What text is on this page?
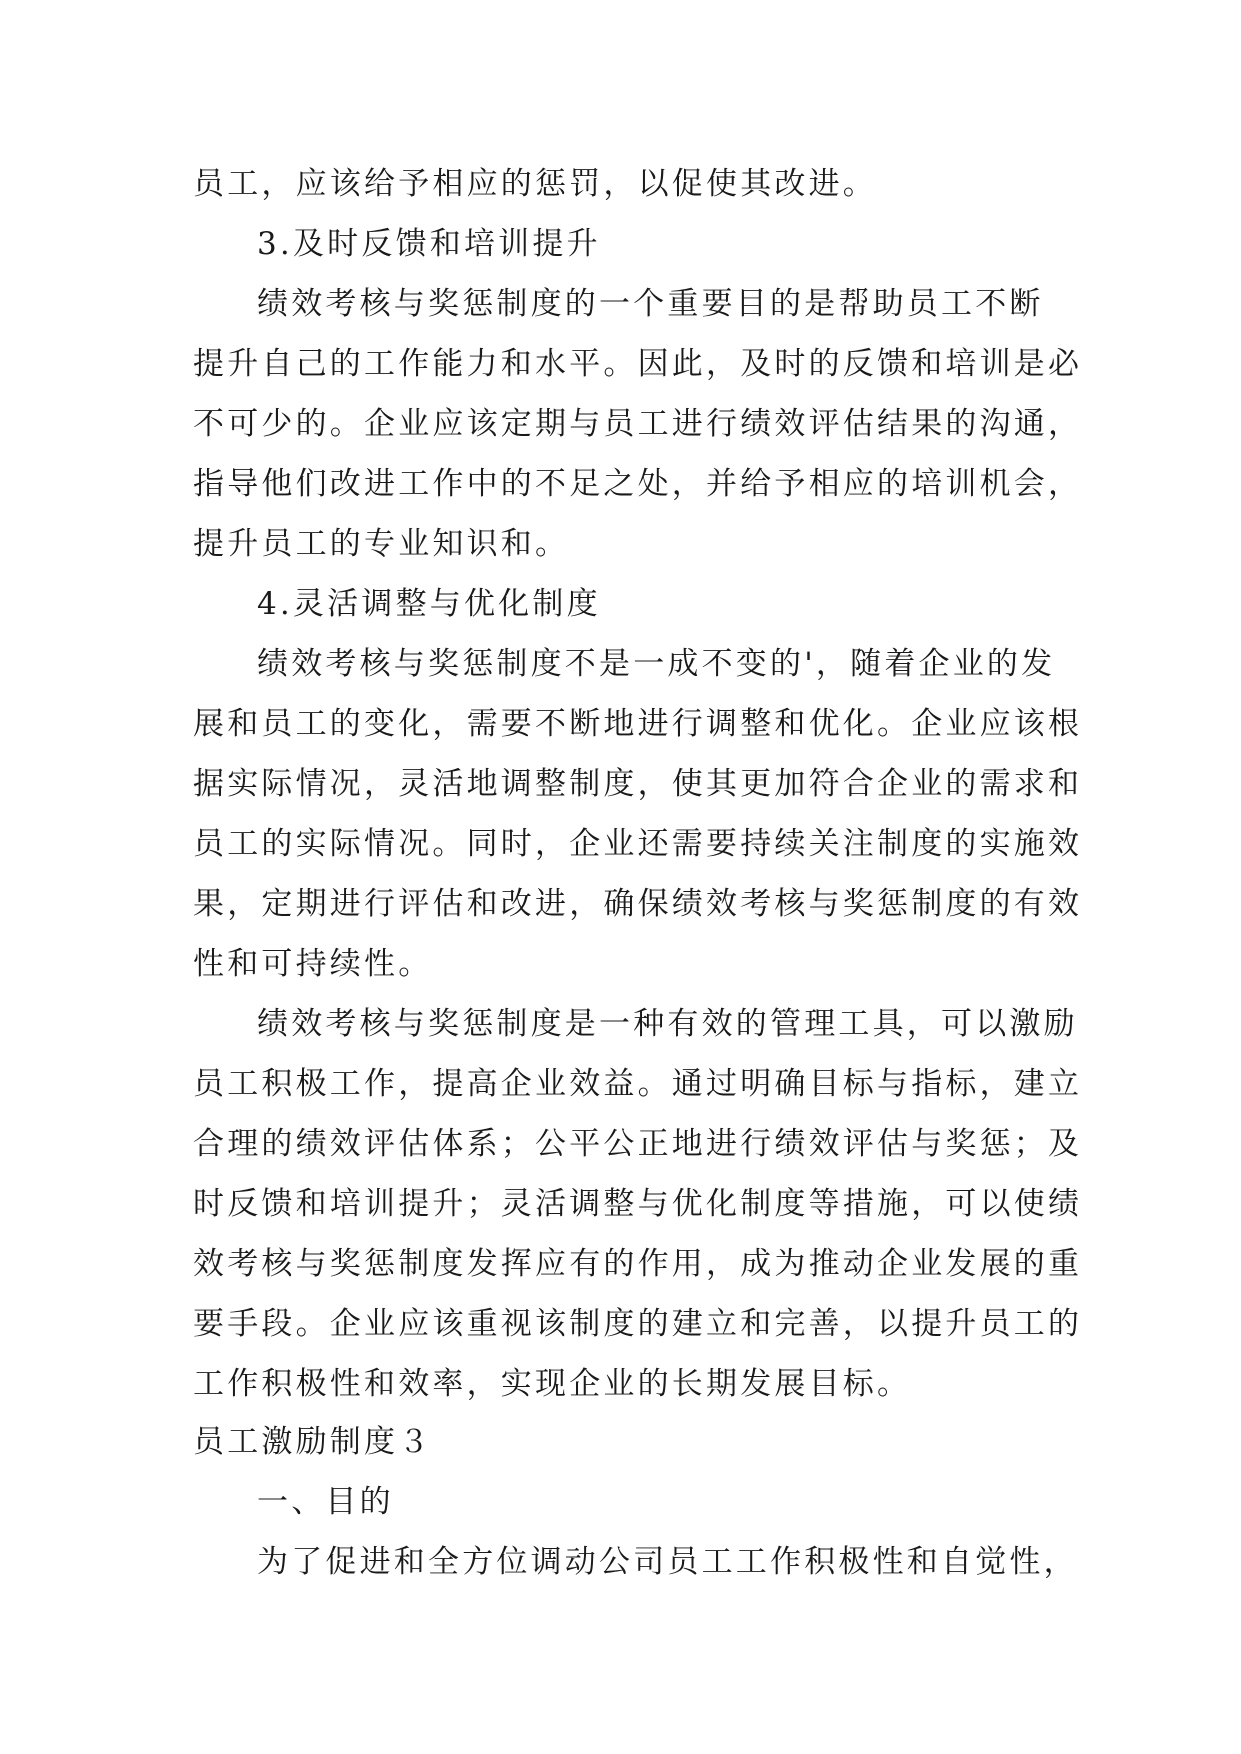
员工，应该给予相应的惩罚，以促使其改进。
3.及时反馈和培训提升
绩效考核与奖惩制度的一个重要目的是帮助员工不断
提升自己的工作能力和水平。因此，及时的反馈和培训是必
不可少的。企业应该定期与员工进行绩效评估结果的沟通，
指导他们改进工作中的不足之处，并给予相应的培训机会，
提升员工的专业知识和。
4.灵活调整与优化制度
绩效考核与奖惩制度不是一成不变的'，随着企业的发
展和员工的变化，需要不断地进行调整和优化。企业应该根
据实际情况，灵活地调整制度，使其更加符合企业的需求和
员工的实际情况。同时，企业还需要持续关注制度的实施效
果，定期进行评估和改进，确保绩效考核与奖惩制度的有效
性和可持续性。
绩效考核与奖惩制度是一种有效的管理工具，可以激励
员工积极工作，提高企业效益。通过明确目标与指标，建立
合理的绩效评估体系；公平公正地进行绩效评估与奖惩；及
时反馈和培训提升；灵活调整与优化制度等措施，可以使绩
效考核与奖惩制度发挥应有的作用，成为推动企业发展的重
要手段。企业应该重视该制度的建立和完善，以提升员工的
工作积极性和效率，实现企业的长期发展目标。
员工激励制度３
一、目的
为了促进和全方位调动公司员工工作积极性和自觉性，
